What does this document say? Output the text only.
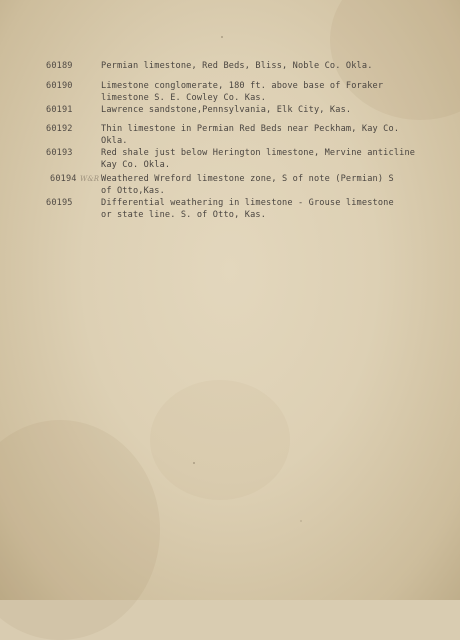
60189	Permian limestone, Red Beds, Bliss, Noble Co. Okla.
60190	Limestone conglomerate, 180 ft. above base of Foraker
limestone S. E. Cowley Co. Kas.
60191	Lawrence sandstone,Pennsylvania, Elk City, Kas.
60192	Thin limestone in Permian Red Beds near Peckham, Kay Co.
Okla.
60193	Red shale just below Herington limestone, Mervine anticline
Kay Co. Okla.
60194 W&R Weathered Wreford limestone zone, S of note (Permian) S
of Otto,Kas.
60195	Differential weathering in limestone - Grouse limestone
or state line. S. of Otto, Kas.
